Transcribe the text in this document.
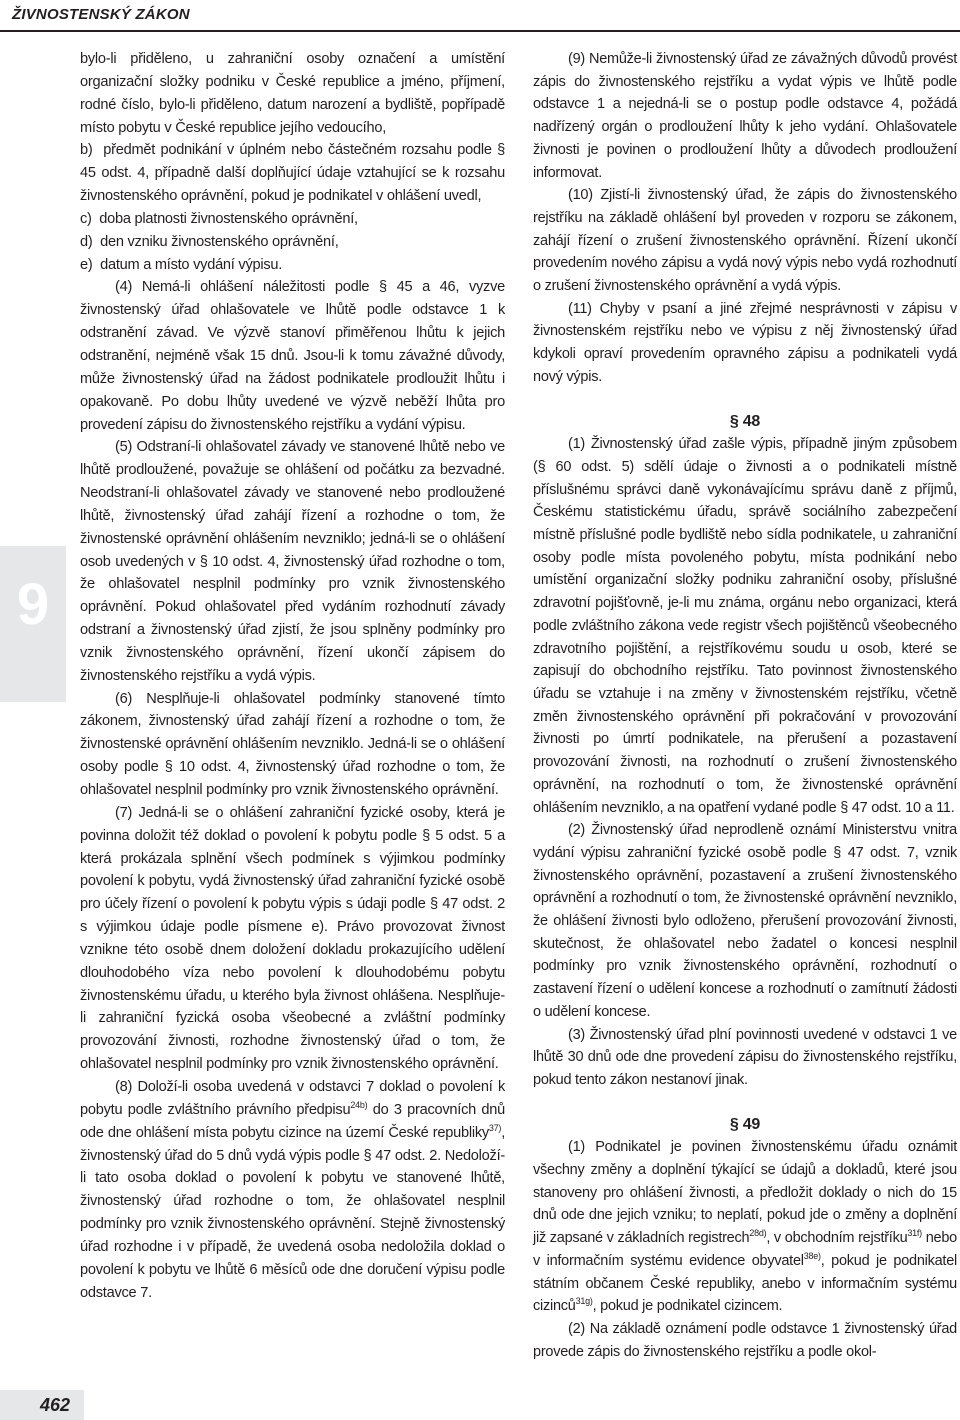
ŽIVNOSTENSKÝ ZÁKON
9

bylo-li přiděleno, u zahraniční osoby označení a umístění organizační složky podniku v České republice a jméno, příjmení, rodné číslo, bylo-li přiděleno, datum narození a bydliště, popřípadě místo pobytu v České republice jejího vedoucího,

b)  předmět podnikání v úplném nebo částečném rozsahu podle § 45 odst. 4, případně další doplňující údaje vztahující se k rozsahu živnostenského oprávnění, pokud je podnikatel v ohlášení uvedl,

c)  doba platnosti živnostenského oprávnění,

d)  den vzniku živnostenského oprávnění,

e)  datum a místo vydání výpisu.

(4) Nemá-li ohlášení náležitosti podle § 45 a 46, vyzve živnostenský úřad ohlašovatele ve lhůtě podle odstavce 1 k odstranění závad. Ve výzvě stanoví přiměřenou lhůtu k jejich odstranění, nejméně však 15 dnů. Jsou-li k tomu závažné důvody, může živnostenský úřad na žádost podnikatele prodloužit lhůtu i opakovaně. Po dobu lhůty uvedené ve výzvě neběží lhůta pro provedení zápisu do živnostenského rejstříku a vydání výpisu.

(5) Odstraní-li ohlašovatel závady ve stanovené lhůtě nebo ve lhůtě prodloužené, považuje se ohlášení od počátku za bezvadné. Neodstraní-li ohlašovatel závady ve stanovené nebo prodloužené lhůtě, živnostenský úřad zahájí řízení a rozhodne o tom, že živnostenské oprávnění ohlášením nevzniklo; jedná-li se o ohlášení osob uvedených v § 10 odst. 4, živnostenský úřad rozhodne o tom, že ohlašovatel nesplnil podmínky pro vznik živnostenského oprávnění. Pokud ohlašovatel před vydáním rozhodnutí závady odstraní a živnostenský úřad zjistí, že jsou splněny podmínky pro vznik živnostenského oprávnění, řízení ukončí zápisem do živnostenského rejstříku a vydá výpis.

(6) Nesplňuje-li ohlašovatel podmínky stanovené tímto zákonem, živnostenský úřad zahájí řízení a rozhodne o tom, že živnostenské oprávnění ohlášením nevzniklo. Jedná-li se o ohlášení osoby podle § 10 odst. 4, živnostenský úřad rozhodne o tom, že ohlašovatel nesplnil podmínky pro vznik živnostenského oprávnění.

(7) Jedná-li se o ohlášení zahraniční fyzické osoby, která je povinna doložit též doklad o povolení k pobytu podle § 5 odst. 5 a která prokázala splnění všech podmínek s výjimkou podmínky povolení k pobytu, vydá živnostenský úřad zahraniční fyzické osobě pro účely řízení o povolení k pobytu výpis s údaji podle § 47 odst. 2 s výjimkou údaje podle písmene e). Právo provozovat živnost vznikne této osobě dnem doložení dokladu prokazujícího udělení dlouhodobého víza nebo povolení k dlouhodobému pobytu živnostenskému úřadu, u kterého byla živnost ohlášena. Nesplňuje-li zahraniční fyzická osoba všeobecné a zvláštní podmínky provozování živnosti, rozhodne živnostenský úřad o tom, že ohlašovatel nesplnil podmínky pro vznik živnostenského oprávnění.

(8) Doloží-li osoba uvedená v odstavci 7 doklad o povolení k pobytu podle zvláštního právního předpisu$^{24b)}$ do 3 pracovních dnů ode dne ohlášení místa pobytu cizince na území České republiky$^{37)}$, živnostenský úřad do 5 dnů vydá výpis podle § 47 odst. 2. Nedoloží-li tato osoba doklad o povolení k pobytu ve stanovené lhůtě, živnostenský úřad rozhodne o tom, že ohlašovatel nesplnil podmínky pro vznik živnostenského oprávnění. Stejně živnostenský úřad rozhodne i v případě, že uvedená osoba nedoložila doklad o povolení k pobytu ve lhůtě 6 měsíců ode dne doručení výpisu podle odstavce 7.

(9) Nemůže-li živnostenský úřad ze závažných důvodů provést zápis do živnostenského rejstříku a vydat výpis ve lhůtě podle odstavce 1 a nejedná-li se o postup podle odstavce 4, požádá nadřízený orgán o prodloužení lhůty k jeho vydání. Ohlašovatele živnosti je povinen o prodloužení lhůty a důvodech prodloužení informovat.

(10) Zjistí-li živnostenský úřad, že zápis do živnostenského rejstříku na základě ohlášení byl proveden v rozporu se zákonem, zahájí řízení o zrušení živnostenského oprávnění. Řízení ukončí provedením nového zápisu a vydá nový výpis nebo vydá rozhodnutí o zrušení živnostenského oprávnění a vydá výpis.

(11) Chyby v psaní a jiné zřejmé nesprávnosti v zápisu v živnostenském rejstříku nebo ve výpisu z něj živnostenský úřad kdykoli opraví provedením opravného zápisu a podnikateli vydá nový výpis.

§ 48

(1) Živnostenský úřad zašle výpis, případně jiným způsobem (§ 60 odst. 5) sdělí údaje o živnosti a o podnikateli místně příslušnému správci daně vykonávajícímu správu daně z příjmů, Českému statistickému úřadu, správě sociálního zabezpečení místně příslušné podle bydliště nebo sídla podnikatele, u zahraniční osoby podle místa povoleného pobytu, místa podnikání nebo umístění organizační složky podniku zahraniční osoby, příslušné zdravotní pojišťovně, je-li mu známa, orgánu nebo organizaci, která podle zvláštního zákona vede registr všech pojištěnců všeobecného zdravotního pojištění, a rejstříkovému soudu u osob, které se zapisují do obchodního rejstříku. Tato povinnost živnostenského úřadu se vztahuje i na změny v živnostenském rejstříku, včetně změn živnostenského oprávnění při pokračování v provozování živnosti po úmrtí podnikatele, na přerušení a pozastavení provozování živnosti, na rozhodnutí o zrušení živnostenského oprávnění, na rozhodnutí o tom, že živnostenské oprávnění ohlášením nevzniklo, a na opatření vydané podle § 47 odst. 10 a 11.

(2) Živnostenský úřad neprodleně oznámí Ministerstvu vnitra vydání výpisu zahraniční fyzické osobě podle § 47 odst. 7, vznik živnostenského oprávnění, pozastavení a zrušení živnostenského oprávnění a rozhodnutí o tom, že živnostenské oprávnění nevzniklo, že ohlášení živnosti bylo odloženo, přerušení provozování živnosti, skutečnost, že ohlašovatel nebo žadatel o koncesi nesplnil podmínky pro vznik živnostenského oprávnění, rozhodnutí o zastavení řízení o udělení koncese a rozhodnutí o zamítnutí žádosti o udělení koncese.

(3) Živnostenský úřad plní povinnosti uvedené v odstavci 1 ve lhůtě 30 dnů ode dne provedení zápisu do živnostenského rejstříku, pokud tento zákon nestanoví jinak.

§ 49

(1) Podnikatel je povinen živnostenskému úřadu oznámit všechny změny a doplnění týkající se údajů a dokladů, které jsou stanoveny pro ohlášení živnosti, a předložit doklady o nich do 15 dnů ode dne jejich vzniku; to neplatí, pokud jde o změny a doplnění již zapsané v základních registrech$^{28d)}$, v obchodním rejstříku$^{31f)}$ nebo v informačním systému evidence obyvatel$^{38e)}$, pokud je podnikatel státním občanem České republiky, anebo v informačním systému cizinců$^{31g)}$, pokud je podnikatel cizincem.

(2) Na základě oznámení podle odstavce 1 živnostenský úřad provede zápis do živnostenského rejstříku a podle okol-

462
